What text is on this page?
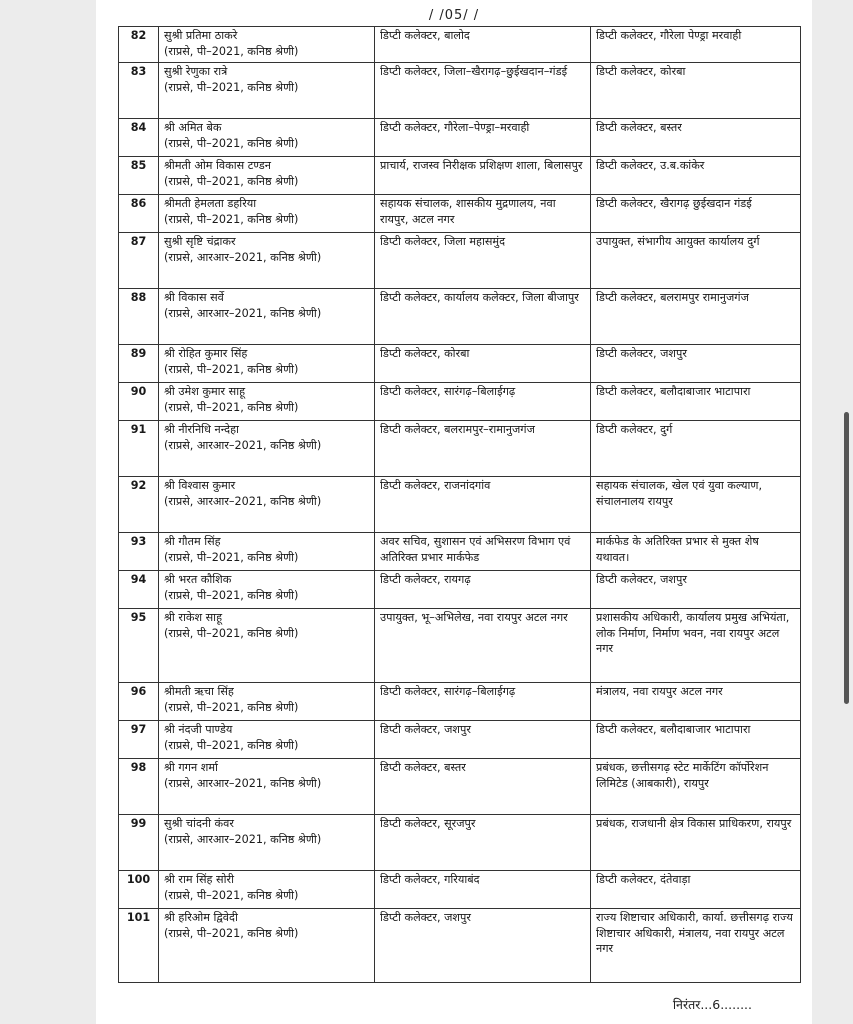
/ /05/ /
82	सुश्री प्रतिमा ठाकरे
(राप्रसे, पी–2021, कनिष्ठ श्रेणी)	डिप्टी कलेक्टर, बालोद	डिप्टी कलेक्टर, गौरेला पेण्ड्रा मरवाही
83	सुश्री रेणुका रात्रे
(राप्रसे, पी–2021, कनिष्ठ श्रेणी)	डिप्टी कलेक्टर, जिला–खैरागढ़–छुईखदान–गंडई	डिप्टी कलेक्टर, कोरबा
84	श्री अमित बेक
(राप्रसे, पी–2021, कनिष्ठ श्रेणी)	डिप्टी कलेक्टर, गौरेला–पेण्ड्रा–मरवाही	डिप्टी कलेक्टर, बस्तर
85	श्रीमती ओम विकास टण्डन
(राप्रसे, पी–2021, कनिष्ठ श्रेणी)	प्राचार्य, राजस्व निरीक्षक प्रशिक्षण शाला, बिलासपुर	डिप्टी कलेक्टर, उ.ब.कांकेर
86	श्रीमती हेमलता डहरिया
(राप्रसे, पी–2021, कनिष्ठ श्रेणी)	सहायक संचालक, शासकीय मुद्रणालय, नवा रायपुर, अटल नगर	डिप्टी कलेक्टर, खैरागढ़ छुईखदान गंडई
87	सुश्री सृष्टि चंद्राकर
(राप्रसे, आरआर–2021, कनिष्ठ श्रेणी)	डिप्टी कलेक्टर, जिला महासमुंद	उपायुक्त, संभागीय आयुक्त कार्यालय दुर्ग
88	श्री विकास सर्वे
(राप्रसे, आरआर–2021, कनिष्ठ श्रेणी)	डिप्टी कलेक्टर, कार्यालय कलेक्टर, जिला बीजापुर	डिप्टी कलेक्टर, बलरामपुर रामानुजगंज
89	श्री रोहित कुमार सिंह
(राप्रसे, पी–2021, कनिष्ठ श्रेणी)	डिप्टी कलेक्टर, कोरबा	डिप्टी कलेक्टर, जशपुर
90	श्री उमेश कुमार साहू
(राप्रसे, पी–2021, कनिष्ठ श्रेणी)	डिप्टी कलेक्टर, सारंगढ़–बिलाईगढ़	डिप्टी कलेक्टर, बलौदाबाजार भाटापारा
91	श्री नीरनिधि नन्देहा
(राप्रसे, आरआर–2021, कनिष्ठ श्रेणी)	डिप्टी कलेक्टर, बलरामपुर–रामानुजगंज	डिप्टी कलेक्टर, दुर्ग
92	श्री विश्वास कुमार
(राप्रसे, आरआर–2021, कनिष्ठ श्रेणी)	डिप्टी कलेक्टर, राजनांदगांव	सहायक संचालक, खेल एवं युवा कल्याण, संचालनालय रायपुर
93	श्री गौतम सिंह
(राप्रसे, पी–2021, कनिष्ठ श्रेणी)	अवर सचिव, सुशासन एवं अभिसरण विभाग एवं अतिरिक्त प्रभार मार्कफेड	मार्कफेड के अतिरिक्त प्रभार से मुक्त शेष यथावत।
94	श्री भरत कौशिक
(राप्रसे, पी–2021, कनिष्ठ श्रेणी)	डिप्टी कलेक्टर, रायगढ़	डिप्टी कलेक्टर, जशपुर
95	श्री राकेश साहू
(राप्रसे, पी–2021, कनिष्ठ श्रेणी)	उपायुक्त, भू–अभिलेख, नवा रायपुर अटल नगर	प्रशासकीय अधिकारी, कार्यालय प्रमुख अभियंता, लोक निर्माण, निर्माण भवन, नवा रायपुर अटल नगर
96	श्रीमती ऋचा सिंह
(राप्रसे, पी–2021, कनिष्ठ श्रेणी)	डिप्टी कलेक्टर, सारंगढ़–बिलाईगढ़	मंत्रालय, नवा रायपुर अटल नगर
97	श्री नंदजी पाण्डेय
(राप्रसे, पी–2021, कनिष्ठ श्रेणी)	डिप्टी कलेक्टर, जशपुर	डिप्टी कलेक्टर, बलौदाबाजार भाटापारा
98	श्री गगन शर्मा
(राप्रसे, आरआर–2021, कनिष्ठ श्रेणी)	डिप्टी कलेक्टर, बस्तर	प्रबंधक, छत्तीसगढ़ स्टेट मार्केटिंग कॉर्पोरेशन लिमिटेड (आबकारी), रायपुर
99	सुश्री चांदनी कंवर
(राप्रसे, आरआर–2021, कनिष्ठ श्रेणी)	डिप्टी कलेक्टर, सूरजपुर	प्रबंधक, राजधानी क्षेत्र विकास प्राधिकरण, रायपुर
100	श्री राम सिंह सोरी
(राप्रसे, पी–2021, कनिष्ठ श्रेणी)	डिप्टी कलेक्टर, गरियाबंद	डिप्टी कलेक्टर, दंतेवाड़ा
101	श्री हरिओम द्विवेदी
(राप्रसे, पी–2021, कनिष्ठ श्रेणी)	डिप्टी कलेक्टर, जशपुर	राज्य शिष्टाचार अधिकारी, कार्या. छत्तीसगढ़ राज्य शिष्टाचार अधिकारी, मंत्रालय, नवा रायपुर अटल नगर
निरंतर...6........
